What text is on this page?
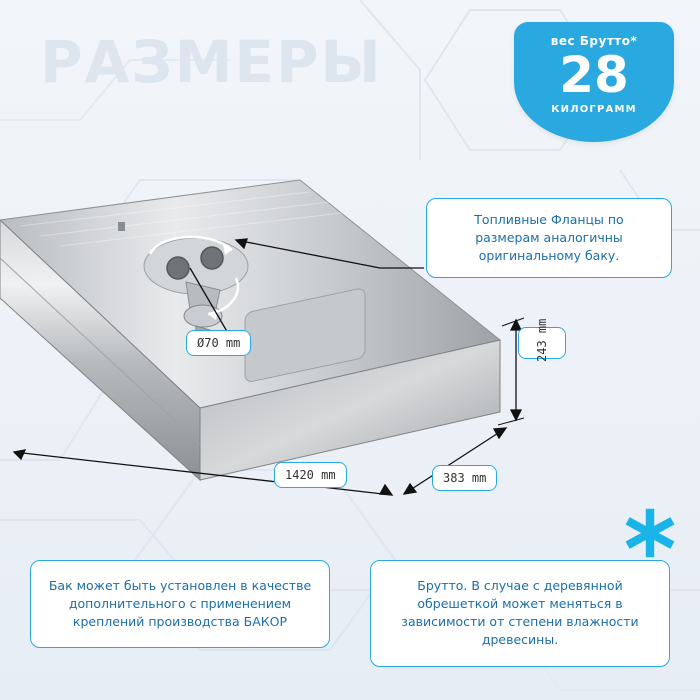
РАЗМЕРЫ	вес Брутто*
28
КИЛОГРАММ
Топливные Фланцы по размерам аналогичны оригинальному баку.
Ø70 mm
1420 mm	383 mm
243 mm
Бак может быть установлен в качестве дополнительного с применением креплений производства БАКОР
Брутто. В случае с деревянной обрешеткой может меняться в зависимости от степени влажности древесины.
